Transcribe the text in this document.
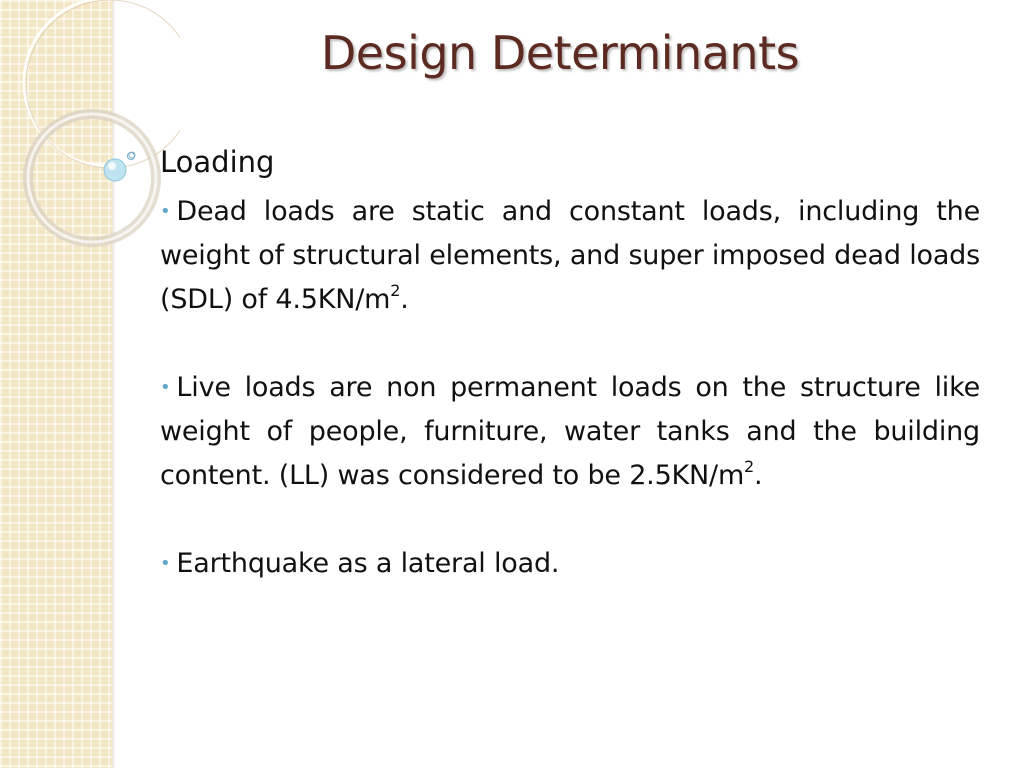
Design Determinants
Loading

• Dead loads are static and constant loads, including the weight of structural elements, and super imposed dead loads (SDL) of $4.5KN/m^2$.

• Live loads are non permanent loads on the structure like weight of people, furniture, water tanks and the building content. (LL) was considered to be $2.5KN/m^2$.

• Earthquake as a lateral load.
